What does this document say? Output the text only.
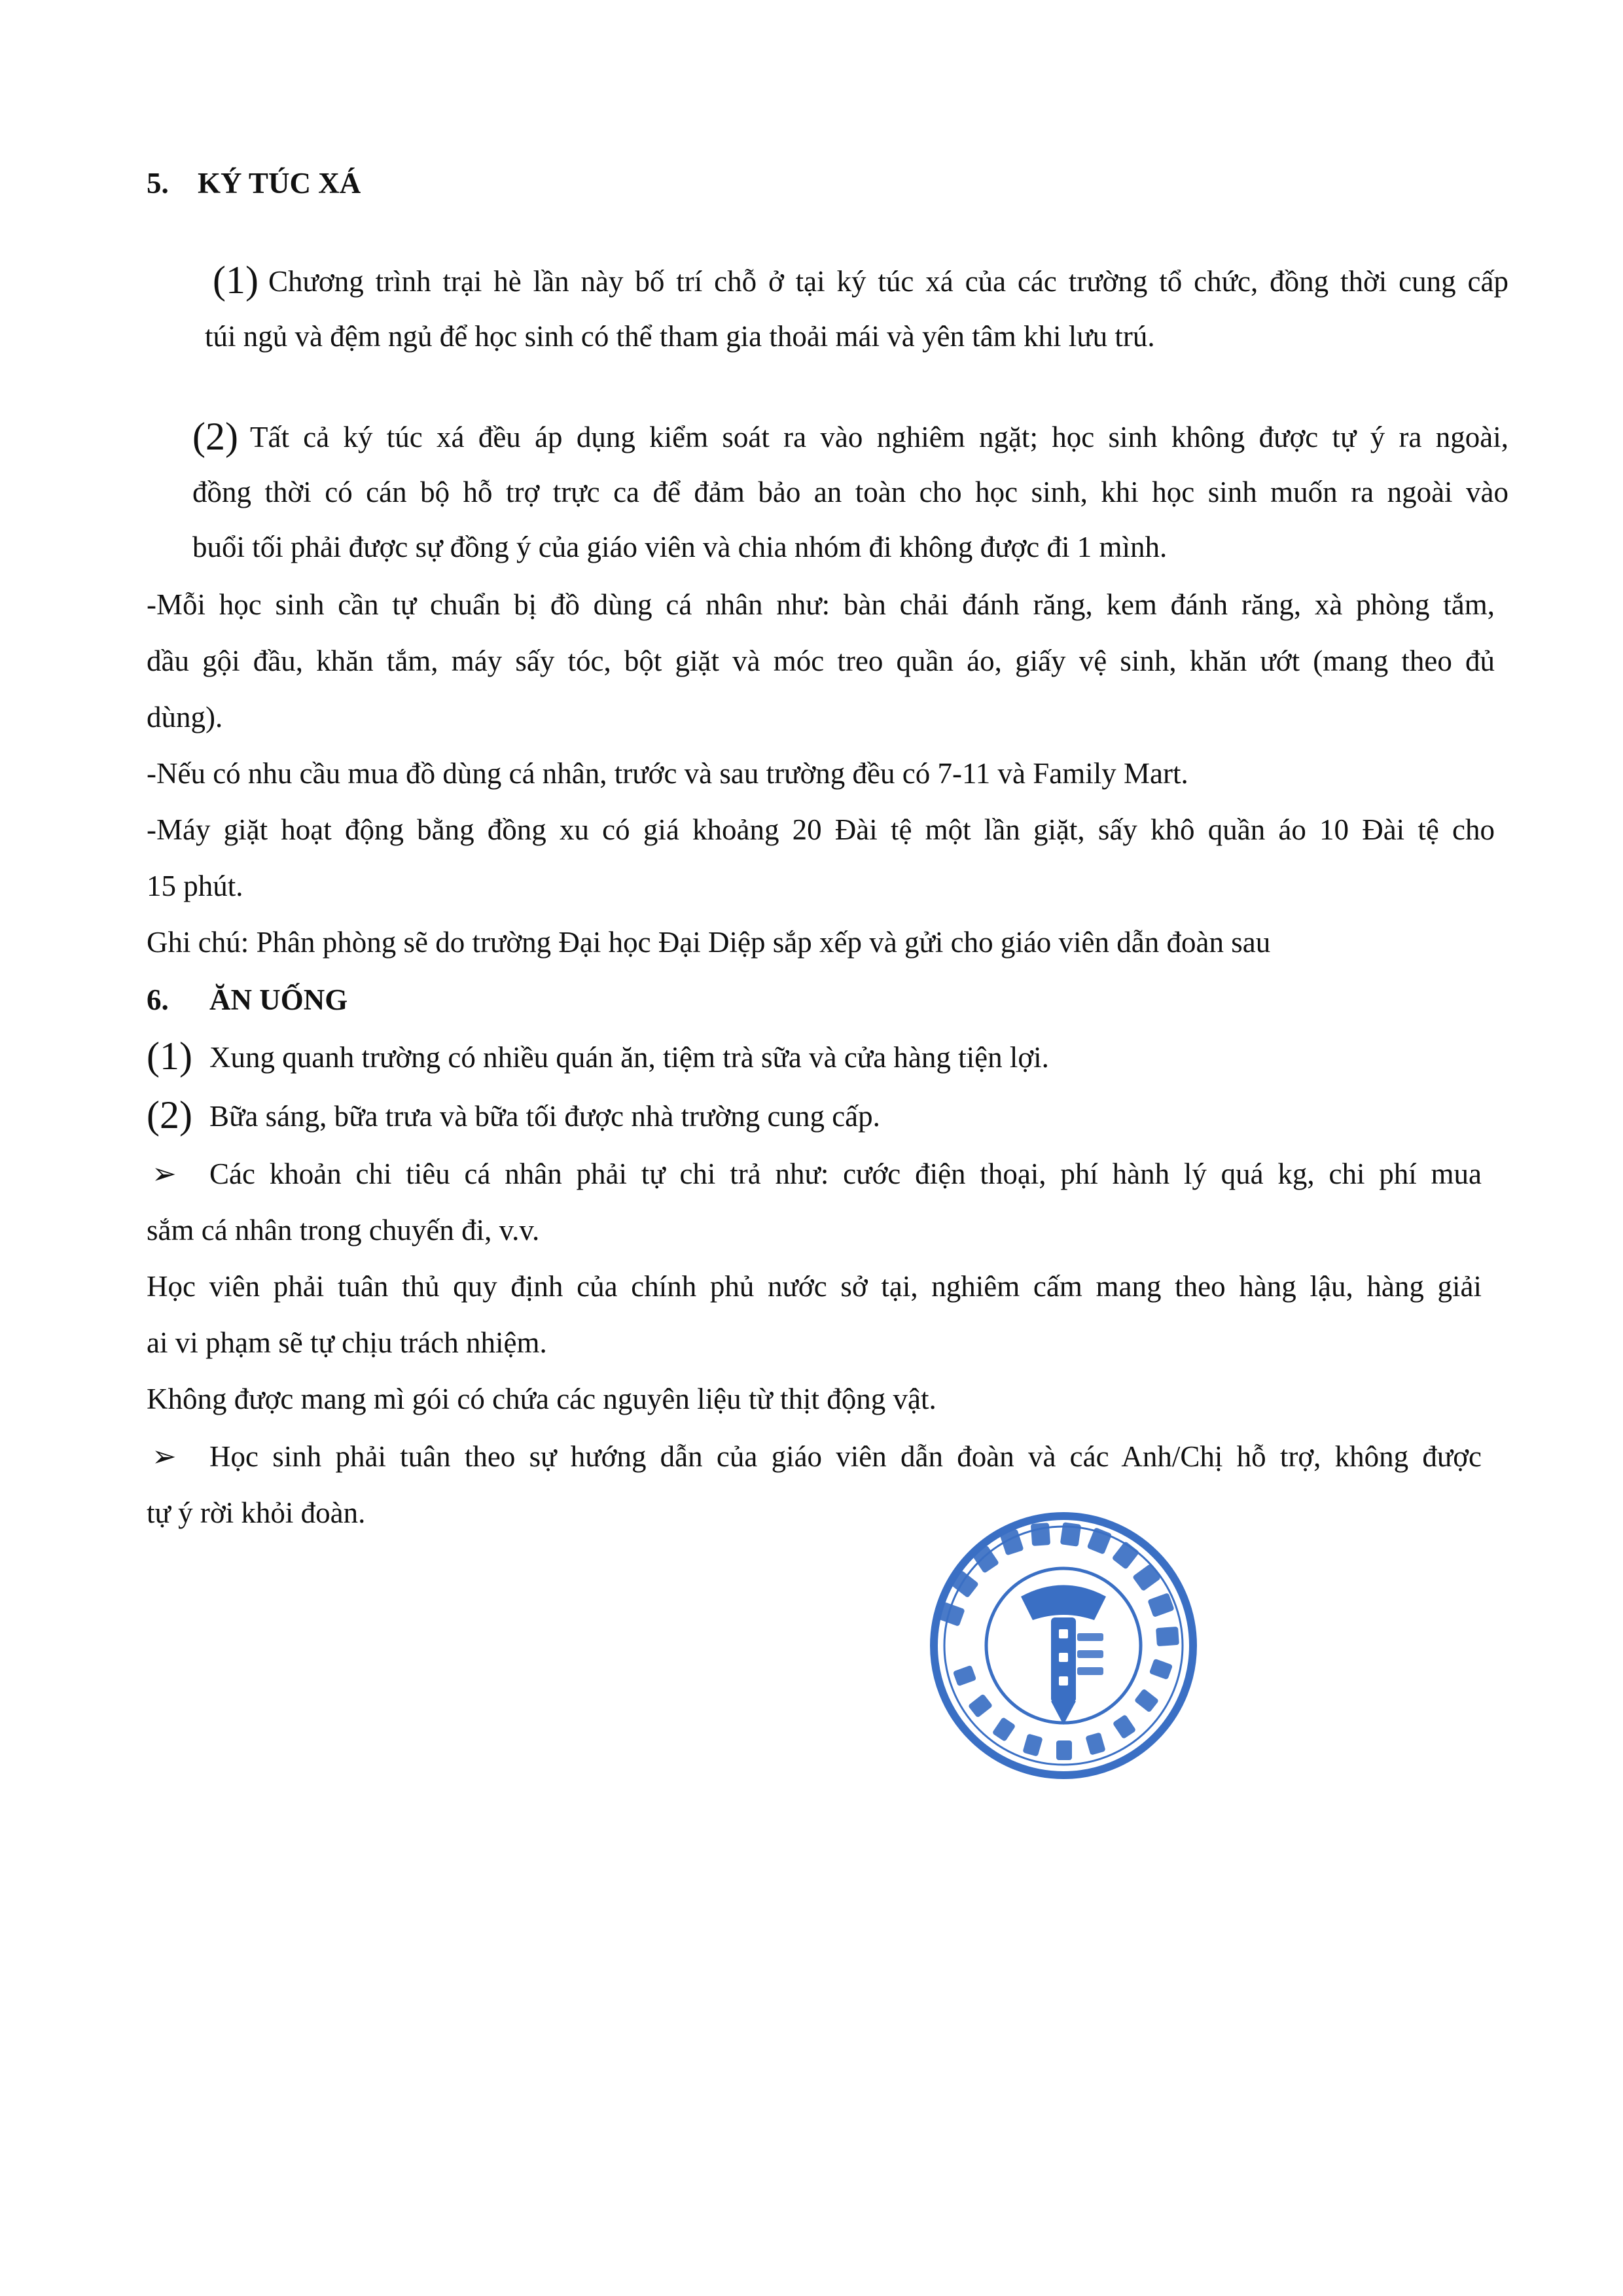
5. KÝ TÚC XÁ
(1) Chương trình trại hè lần này bố trí chỗ ở tại ký túc xá của các trường tổ chức, đồng thời cung cấp
túi ngủ và đệm ngủ để học sinh có thể tham gia thoải mái và yên tâm khi lưu trú.
(2) Tất cả ký túc xá đều áp dụng kiểm soát ra vào nghiêm ngặt; học sinh không được tự ý ra ngoài,
đồng thời có cán bộ hỗ trợ trực ca để đảm bảo an toàn cho học sinh, khi học sinh muốn ra ngoài vào
buổi tối phải được sự đồng ý của giáo viên và chia nhóm đi không được đi 1 mình.
-Mỗi học sinh cần tự chuẩn bị đồ dùng cá nhân như: bàn chải đánh răng, kem đánh răng, xà phòng tắm,
dầu gội đầu, khăn tắm, máy sấy tóc, bột giặt và móc treo quần áo, giấy vệ sinh, khăn ướt (mang theo đủ
dùng).
-Nếu có nhu cầu mua đồ dùng cá nhân, trước và sau trường đều có 7-11 và Family Mart.
-Máy giặt hoạt động bằng đồng xu có giá khoảng 20 Đài tệ một lần giặt, sấy khô quần áo 10 Đài tệ cho
15 phút.
Ghi chú: Phân phòng sẽ do trường Đại học Đại Diệp sắp xếp và gửi cho giáo viên dẫn đoàn sau
6. ĂN UỐNG
(1) Xung quanh trường có nhiều quán ăn, tiệm trà sữa và cửa hàng tiện lợi.
(2) Bữa sáng, bữa trưa và bữa tối được nhà trường cung cấp.
➢ Các khoản chi tiêu cá nhân phải tự chi trả như: cước điện thoại, phí hành lý quá kg, chi phí mua
sắm cá nhân trong chuyến đi, v.v.
Học viên phải tuân thủ quy định của chính phủ nước sở tại, nghiêm cấm mang theo hàng lậu, hàng giải
ai vi phạm sẽ tự chịu trách nhiệm.
Không được mang mì gói có chứa các nguyên liệu từ thịt động vật.
➢ Học sinh phải tuân theo sự hướng dẫn của giáo viên dẫn đoàn và các Anh/Chị hỗ trợ, không được
tự ý rời khỏi đoàn.
